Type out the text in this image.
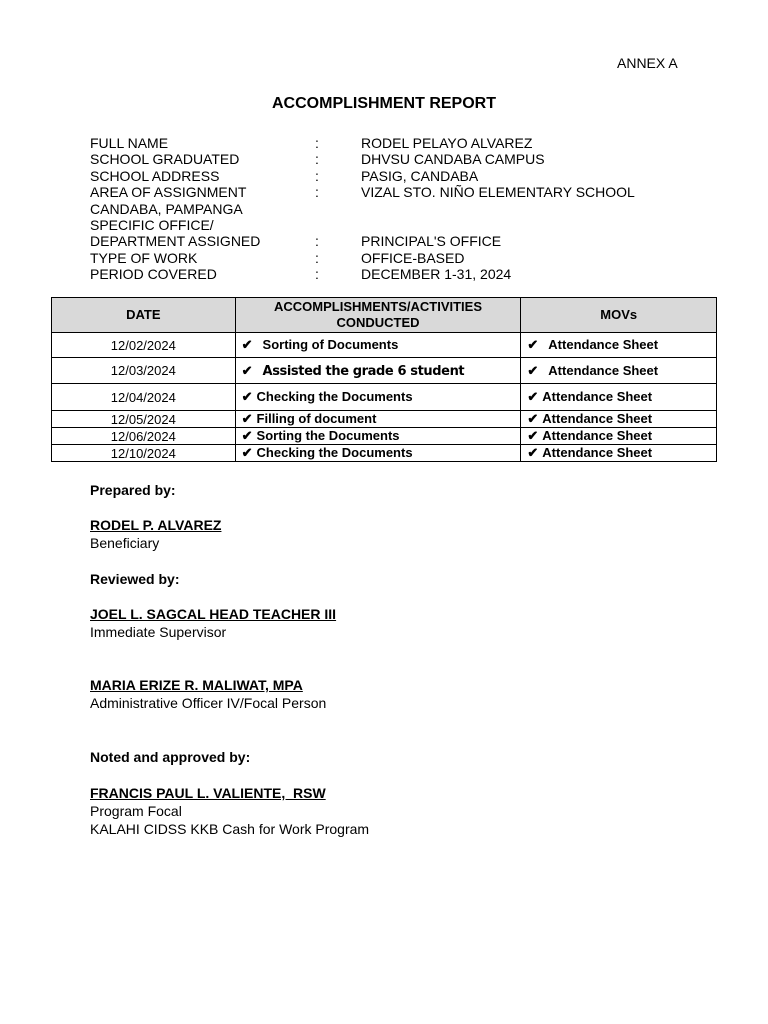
ANNEX A
ACCOMPLISHMENT REPORT
FULL NAME	:	RODEL PELAYO ALVAREZ
SCHOOL GRADUATED	:	DHVSU CANDABA CAMPUS
SCHOOL ADDRESS	:	PASIG, CANDABA
AREA OF ASSIGNMENT	:	VIZAL STO. NIÑO ELEMENTARY SCHOOL
CANDABA, PAMPANGA
SPECIFIC OFFICE/
DEPARTMENT ASSIGNED	:	PRINCIPAL'S OFFICE
TYPE OF WORK	:	OFFICE-BASED
PERIOD COVERED	:	DECEMBER 1-31, 2024
DATE	ACCOMPLISHMENTS/ACTIVITIES CONDUCTED	MOVs
12/02/2024	✔ Sorting of Documents	✔ Attendance Sheet
12/03/2024	✔ Assisted the grade 6 student	✔ Attendance Sheet
12/04/2024	✔ Checking the Documents	✔ Attendance Sheet
12/05/2024	✔ Filling of document	✔ Attendance Sheet
12/06/2024	✔ Sorting the Documents	✔ Attendance Sheet
12/10/2024	✔ Checking the Documents	✔ Attendance Sheet
Prepared by:
RODEL P. ALVAREZ
Beneficiary
Reviewed by:
JOEL L. SAGCAL HEAD TEACHER III
Immediate Supervisor
MARIA ERIZE R. MALIWAT, MPA
Administrative Officer IV/Focal Person
Noted and approved by:
FRANCIS PAUL L. VALIENTE,  RSW
Program Focal
KALAHI CIDSS KKB Cash for Work Program
